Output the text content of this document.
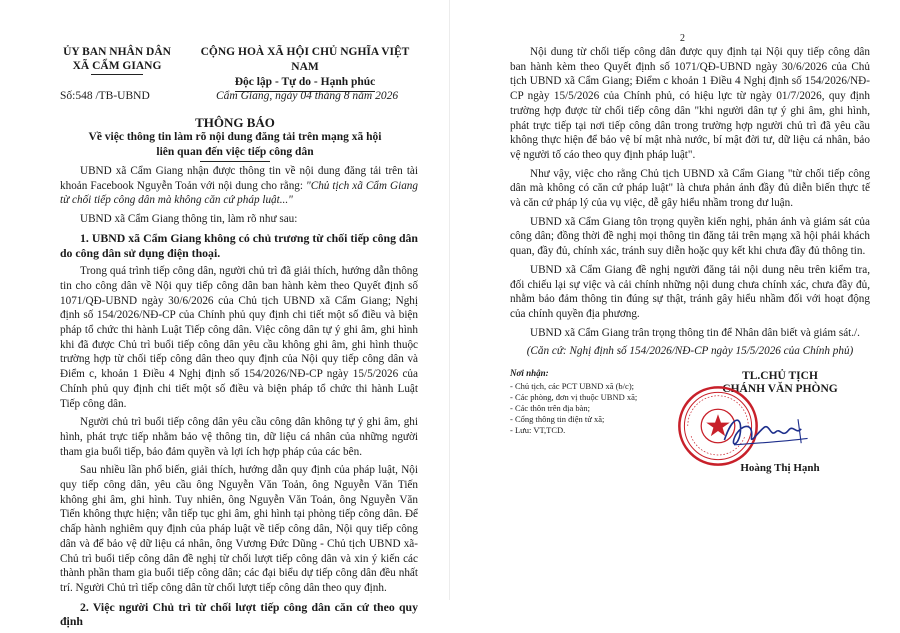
ỦY BAN NHÂN DÂN
XÃ CẨM GIANG
CỘNG HOÀ XÃ HỘI CHỦ NGHĨA VIỆT NAM
Độc lập - Tự do - Hạnh phúc
Số:548 /TB-UBND	Cẩm Giang, ngày 04 tháng 8 năm 2026
THÔNG BÁO
Về việc thông tin làm rõ nội dung đăng tải trên mạng xã hội
liên quan đến việc tiếp công dân

UBND xã Cẩm Giang nhận được thông tin về nội dung đăng tải trên tài khoản Facebook Nguyễn Toản với nội dung cho rằng: "Chủ tịch xã Cẩm Giang từ chối tiếp công dân mà không căn cứ pháp luật..."

UBND xã Cẩm Giang thông tin, làm rõ như sau:

1. UBND xã Cẩm Giang không có chủ trương từ chối tiếp công dân do công dân sử dụng điện thoại.

Trong quá trình tiếp công dân, người chủ trì đã giải thích, hướng dẫn thông tin cho công dân về Nội quy tiếp công dân ban hành kèm theo Quyết định số 1071/QĐ-UBND ngày 30/6/2026 của Chủ tịch UBND xã Cẩm Giang; Nghị định số 154/2026/NĐ-CP của Chính phủ quy định chi tiết một số điều và biện pháp tổ chức thi hành Luật Tiếp công dân. Việc công dân tự ý ghi âm, ghi hình khi đã được Chủ trì buổi tiếp công dân yêu cầu không ghi âm, ghi hình thuộc trường hợp từ chối tiếp công dân theo quy định của Nội quy tiếp công dân và Điểm c, khoản 1 Điều 4 Nghị định số 154/2026/NĐ-CP ngày 15/5/2026 của Chính phủ quy định chi tiết một số điều và biện pháp tổ chức thi hành Luật Tiếp công dân.

Người chủ trì buổi tiếp công dân yêu cầu công dân không tự ý ghi âm, ghi hình, phát trực tiếp nhằm bảo vệ thông tin, dữ liệu cá nhân của những người tham gia buổi tiếp, bảo đảm quyền và lợi ích hợp pháp của các bên.

Sau nhiều lần phổ biến, giải thích, hướng dẫn quy định của pháp luật, Nội quy tiếp công dân, yêu cầu ông Nguyễn Văn Toản, ông Nguyễn Văn Tiến không ghi âm, ghi hình. Tuy nhiên, ông Nguyễn Văn Toản, ông Nguyễn Văn Tiến không thực hiện; vẫn tiếp tục ghi âm, ghi hình tại phòng tiếp công dân. Để chấp hành nghiêm quy định của pháp luật về tiếp công dân, Nội quy tiếp công dân và để bảo vệ dữ liệu cá nhân, ông Vương Đức Dũng - Chủ tịch UBND xã- Chủ trì buổi tiếp công dân đề nghị từ chối lượt tiếp công dân và xin ý kiến các thành phần tham gia buổi tiếp công dân; các đại biểu dự tiếp công dân đều nhất trí. Người Chủ trì tiếp công dân từ chối lượt tiếp công dân theo quy định.

2. Việc người Chủ trì từ chối lượt tiếp công dân căn cứ theo quy định

2

Nội dung từ chối tiếp công dân được quy định tại Nội quy tiếp công dân ban hành kèm theo Quyết định số 1071/QĐ-UBND ngày 30/6/2026 của Chủ tịch UBND xã Cẩm Giang; Điểm c khoản 1 Điều 4 Nghị định số 154/2026/NĐ-CP ngày 15/5/2026 của Chính phủ, có hiệu lực từ ngày 01/7/2026, quy định trường hợp được từ chối tiếp công dân "khi người dân tự ý ghi âm, ghi hình, phát trực tiếp tại nơi tiếp công dân trong trường hợp người chủ trì đã yêu cầu không thực hiện để bảo vệ bí mật nhà nước, bí mật đời tư, dữ liệu cá nhân, bảo vệ người tố cáo theo quy định pháp luật".

Như vậy, việc cho rằng Chủ tịch UBND xã Cẩm Giang "từ chối tiếp công dân mà không có căn cứ pháp luật" là chưa phản ánh đầy đủ diễn biến thực tế và căn cứ pháp lý của vụ việc, dễ gây hiểu nhầm trong dư luận.

UBND xã Cẩm Giang tôn trọng quyền kiến nghị, phản ánh và giám sát của công dân; đồng thời đề nghị mọi thông tin đăng tải trên mạng xã hội phải khách quan, đầy đủ, chính xác, tránh suy diễn hoặc quy kết khi chưa đầy đủ thông tin.

UBND xã Cẩm Giang đề nghị người đăng tải nội dung nêu trên kiểm tra, đối chiếu lại sự việc và cải chính những nội dung chưa chính xác, chưa đầy đủ, nhằm bảo đảm thông tin đúng sự thật, tránh gây hiểu nhầm đối với hoạt động của chính quyền địa phương.

UBND xã Cẩm Giang trân trọng thông tin để Nhân dân biết và giám sát./.

(Căn cứ: Nghị định số 154/2026/NĐ-CP ngày 15/5/2026 của Chính phủ)
Nơi nhận:
- Chủ tịch, các PCT UBND xã (b/c);
- Các phòng, đơn vị thuộc UBND xã;
- Các thôn trên địa bàn;
- Cổng thông tin điện tử xã;
- Lưu: VT,TCD.
TL.CHỦ TỊCH
CHÁNH VĂN PHÒNG
Hoàng Thị Hạnh
